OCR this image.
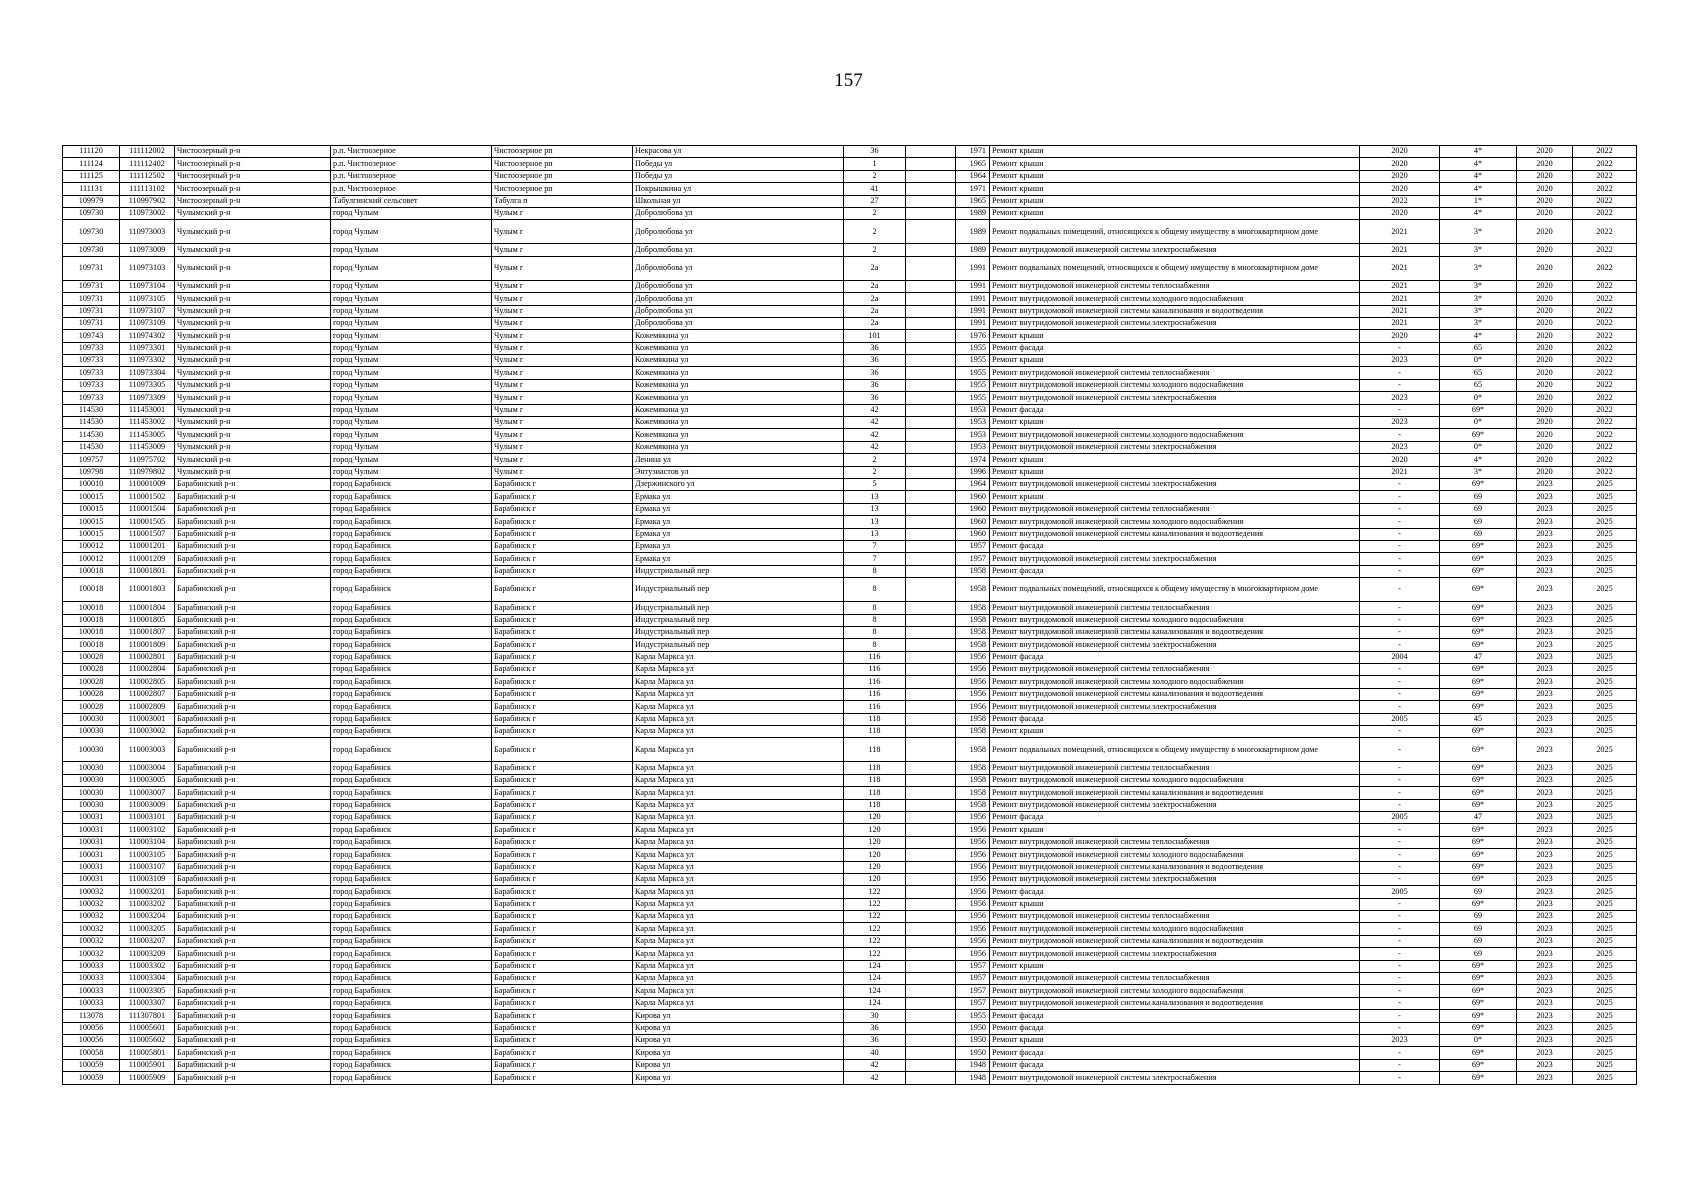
157
111120	111112002	Чистоозерный р-н	р.п. Чистоозерное	Чистоозерное рп	Некрасова ул	36		1971	Ремонт крыши	2020	4*	2020	2022
111124	111112402	Чистоозерный р-н	р.п. Чистоозерное	Чистоозерное рп	Победы ул	1		1965	Ремонт крыши	2020	4*	2020	2022
111125	111112502	Чистоозерный р-н	р.п. Чистоозерное	Чистоозерное рп	Победы ул	2		1964	Ремонт крыши	2020	4*	2020	2022
111131	111113102	Чистоозерный р-н	р.п. Чистоозерное	Чистоозерное рп	Покрышкина ул	41		1971	Ремонт крыши	2020	4*	2020	2022
109979	110997902	Чистоозерный р-н	Табулгинский сельсовет	Табулга п	Школьная ул	27		1965	Ремонт крыши	2022	1*	2020	2022
109730	110973002	Чулымский р-н	город Чулым	Чулым г	Добролюбова ул	2		1989	Ремонт крыши	2020	4*	2020	2022
109730	110973003	Чулымский р-н	город Чулым	Чулым г	Добролюбова ул	2		1989	Ремонт подвальных помещений, относящихся к общему имуществу в многоквартирном доме	2021	3*	2020	2022
109730	110973009	Чулымский р-н	город Чулым	Чулым г	Добролюбова ул	2		1989	Ремонт внутридомовой инженерной системы электроснабжения	2021	3*	2020	2022
109731	110973103	Чулымский р-н	город Чулым	Чулым г	Добролюбова ул	2а		1991	Ремонт подвальных помещений, относящихся к общему имуществу в многоквартирном доме	2021	3*	2020	2022
109731	110973104	Чулымский р-н	город Чулым	Чулым г	Добролюбова ул	2а		1991	Ремонт внутридомовой инженерной системы теплоснабжения	2021	3*	2020	2022
109731	110973105	Чулымский р-н	город Чулым	Чулым г	Добролюбова ул	2а		1991	Ремонт внутридомовой инженерной системы холодного водоснабжения	2021	3*	2020	2022
109731	110973107	Чулымский р-н	город Чулым	Чулым г	Добролюбова ул	2а		1991	Ремонт внутридомовой инженерной системы канализования и водоотведения	2021	3*	2020	2022
109731	110973109	Чулымский р-н	город Чулым	Чулым г	Добролюбова ул	2а		1991	Ремонт внутридомовой инженерной системы электроснабжения	2021	3*	2020	2022
109743	110974302	Чулымский р-н	город Чулым	Чулым г	Кожемякина ул	101		1976	Ремонт крыши	2020	4*	2020	2022
109733	110973301	Чулымский р-н	город Чулым	Чулым г	Кожемякина ул	36		1955	Ремонт фасада	-	65	2020	2022
109733	110973302	Чулымский р-н	город Чулым	Чулым г	Кожемякина ул	36		1955	Ремонт крыши	2023	0*	2020	2022
109733	110973304	Чулымский р-н	город Чулым	Чулым г	Кожемякина ул	36		1955	Ремонт внутридомовой инженерной системы теплоснабжения	-	65	2020	2022
109733	110973305	Чулымский р-н	город Чулым	Чулым г	Кожемякина ул	36		1955	Ремонт внутридомовой инженерной системы холодного водоснабжения	-	65	2020	2022
109733	110973309	Чулымский р-н	город Чулым	Чулым г	Кожемякина ул	36		1955	Ремонт внутридомовой инженерной системы электроснабжения	2023	0*	2020	2022
114530	111453001	Чулымский р-н	город Чулым	Чулым г	Кожемякина ул	42		1953	Ремонт фасада	-	69*	2020	2022
114530	111453002	Чулымский р-н	город Чулым	Чулым г	Кожемякина ул	42		1953	Ремонт крыши	2023	0*	2020	2022
114530	111453005	Чулымский р-н	город Чулым	Чулым г	Кожемякина ул	42		1953	Ремонт внутридомовой инженерной системы холодного водоснабжения	-	69*	2020	2022
114530	111453009	Чулымский р-н	город Чулым	Чулым г	Кожемякина ул	42		1953	Ремонт внутридомовой инженерной системы электроснабжения	2023	0*	2020	2022
109757	110975702	Чулымский р-н	город Чулым	Чулым г	Ленина ул	2		1974	Ремонт крыши	2020	4*	2020	2022
109798	110979802	Чулымский р-н	город Чулым	Чулым г	Энтузиастов ул	2		1996	Ремонт крыши	2021	3*	2020	2022
100010	110001009	Барабинский р-н	город Барабинск	Барабинск г	Дзержинского ул	5		1964	Ремонт внутридомовой инженерной системы электроснабжения	-	69*	2023	2025
100015	110001502	Барабинский р-н	город Барабинск	Барабинск г	Ермака ул	13		1960	Ремонт крыши	-	69	2023	2025
100015	110001504	Барабинский р-н	город Барабинск	Барабинск г	Ермака ул	13		1960	Ремонт внутридомовой инженерной системы теплоснабжения	-	69	2023	2025
100015	110001505	Барабинский р-н	город Барабинск	Барабинск г	Ермака ул	13		1960	Ремонт внутридомовой инженерной системы холодного водоснабжения	-	69	2023	2025
100015	110001507	Барабинский р-н	город Барабинск	Барабинск г	Ермака ул	13		1960	Ремонт внутридомовой инженерной системы канализования и водоотведения	-	69	2023	2025
100012	110001201	Барабинский р-н	город Барабинск	Барабинск г	Ермака ул	7		1957	Ремонт фасада	-	69*	2023	2025
100012	110001209	Барабинский р-н	город Барабинск	Барабинск г	Ермака ул	7		1957	Ремонт внутридомовой инженерной системы электроснабжения	-	69*	2023	2025
100018	110001801	Барабинский р-н	город Барабинск	Барабинск г	Индустриальный пер	8		1958	Ремонт фасада	-	69*	2023	2025
100018	110001803	Барабинский р-н	город Барабинск	Барабинск г	Индустриальный пер	8		1958	Ремонт подвальных помещений, относящихся к общему имуществу в многоквартирном доме	-	69*	2023	2025
100018	110001804	Барабинский р-н	город Барабинск	Барабинск г	Индустриальный пер	8		1958	Ремонт внутридомовой инженерной системы теплоснабжения	-	69*	2023	2025
100018	110001805	Барабинский р-н	город Барабинск	Барабинск г	Индустриальный пер	8		1958	Ремонт внутридомовой инженерной системы холодного водоснабжения	-	69*	2023	2025
100018	110001807	Барабинский р-н	город Барабинск	Барабинск г	Индустриальный пер	8		1958	Ремонт внутридомовой инженерной системы канализования и водоотведения	-	69*	2023	2025
100018	110001809	Барабинский р-н	город Барабинск	Барабинск г	Индустриальный пер	8		1958	Ремонт внутридомовой инженерной системы электроснабжения	-	69*	2023	2025
100028	110002801	Барабинский р-н	город Барабинск	Барабинск г	Карла Маркса ул	116		1956	Ремонт фасада	2004	47	2023	2025
100028	110002804	Барабинский р-н	город Барабинск	Барабинск г	Карла Маркса ул	116		1956	Ремонт внутридомовой инженерной системы теплоснабжения	-	69*	2023	2025
100028	110002805	Барабинский р-н	город Барабинск	Барабинск г	Карла Маркса ул	116		1956	Ремонт внутридомовой инженерной системы холодного водоснабжения	-	69*	2023	2025
100028	110002807	Барабинский р-н	город Барабинск	Барабинск г	Карла Маркса ул	116		1956	Ремонт внутридомовой инженерной системы канализования и водоотведения	-	69*	2023	2025
100028	110002809	Барабинский р-н	город Барабинск	Барабинск г	Карла Маркса ул	116		1956	Ремонт внутридомовой инженерной системы электроснабжения	-	69*	2023	2025
100030	110003001	Барабинский р-н	город Барабинск	Барабинск г	Карла Маркса ул	118		1958	Ремонт фасада	2005	45	2023	2025
100030	110003002	Барабинский р-н	город Барабинск	Барабинск г	Карла Маркса ул	118		1958	Ремонт крыши	-	69*	2023	2025
100030	110003003	Барабинский р-н	город Барабинск	Барабинск г	Карла Маркса ул	118		1958	Ремонт подвальных помещений, относящихся к общему имуществу в многоквартирном доме	-	69*	2023	2025
100030	110003004	Барабинский р-н	город Барабинск	Барабинск г	Карла Маркса ул	118		1958	Ремонт внутридомовой инженерной системы теплоснабжения	-	69*	2023	2025
100030	110003005	Барабинский р-н	город Барабинск	Барабинск г	Карла Маркса ул	118		1958	Ремонт внутридомовой инженерной системы холодного водоснабжения	-	69*	2023	2025
100030	110003007	Барабинский р-н	город Барабинск	Барабинск г	Карла Маркса ул	118		1958	Ремонт внутридомовой инженерной системы канализования и водоотведения	-	69*	2023	2025
100030	110003009	Барабинский р-н	город Барабинск	Барабинск г	Карла Маркса ул	118		1958	Ремонт внутридомовой инженерной системы электроснабжения	-	69*	2023	2025
100031	110003101	Барабинский р-н	город Барабинск	Барабинск г	Карла Маркса ул	120		1956	Ремонт фасада	2005	47	2023	2025
100031	110003102	Барабинский р-н	город Барабинск	Барабинск г	Карла Маркса ул	120		1956	Ремонт крыши	-	69*	2023	2025
100031	110003104	Барабинский р-н	город Барабинск	Барабинск г	Карла Маркса ул	120		1956	Ремонт внутридомовой инженерной системы теплоснабжения	-	69*	2023	2025
100031	110003105	Барабинский р-н	город Барабинск	Барабинск г	Карла Маркса ул	120		1956	Ремонт внутридомовой инженерной системы холодного водоснабжения	-	69*	2023	2025
100031	110003107	Барабинский р-н	город Барабинск	Барабинск г	Карла Маркса ул	120		1956	Ремонт внутридомовой инженерной системы канализования и водоотведения	-	69*	2023	2025
100031	110003109	Барабинский р-н	город Барабинск	Барабинск г	Карла Маркса ул	120		1956	Ремонт внутридомовой инженерной системы электроснабжения	-	69*	2023	2025
100032	110003201	Барабинский р-н	город Барабинск	Барабинск г	Карла Маркса ул	122		1956	Ремонт фасада	2005	69	2023	2025
100032	110003202	Барабинский р-н	город Барабинск	Барабинск г	Карла Маркса ул	122		1956	Ремонт крыши	-	69*	2023	2025
100032	110003204	Барабинский р-н	город Барабинск	Барабинск г	Карла Маркса ул	122		1956	Ремонт внутридомовой инженерной системы теплоснабжения	-	69	2023	2025
100032	110003205	Барабинский р-н	город Барабинск	Барабинск г	Карла Маркса ул	122		1956	Ремонт внутридомовой инженерной системы холодного водоснабжения	-	69	2023	2025
100032	110003207	Барабинский р-н	город Барабинск	Барабинск г	Карла Маркса ул	122		1956	Ремонт внутридомовой инженерной системы канализования и водоотведения	-	69	2023	2025
100032	110003209	Барабинский р-н	город Барабинск	Барабинск г	Карла Маркса ул	122		1956	Ремонт внутридомовой инженерной системы электроснабжения	-	69	2023	2025
100033	110003302	Барабинский р-н	город Барабинск	Барабинск г	Карла Маркса ул	124		1957	Ремонт крыши	-	69*	2023	2025
100033	110003304	Барабинский р-н	город Барабинск	Барабинск г	Карла Маркса ул	124		1957	Ремонт внутридомовой инженерной системы теплоснабжения	-	69*	2023	2025
100033	110003305	Барабинский р-н	город Барабинск	Барабинск г	Карла Маркса ул	124		1957	Ремонт внутридомовой инженерной системы холодного водоснабжения	-	69*	2023	2025
100033	110003307	Барабинский р-н	город Барабинск	Барабинск г	Карла Маркса ул	124		1957	Ремонт внутридомовой инженерной системы канализования и водоотведения	-	69*	2023	2025
113078	111307801	Барабинский р-н	город Барабинск	Барабинск г	Кирова ул	30		1955	Ремонт фасада	-	69*	2023	2025
100056	110005601	Барабинский р-н	город Барабинск	Барабинск г	Кирова ул	36		1950	Ремонт фасада	-	69*	2023	2025
100056	110005602	Барабинский р-н	город Барабинск	Барабинск г	Кирова ул	36		1950	Ремонт крыши	2023	0*	2023	2025
100058	110005801	Барабинский р-н	город Барабинск	Барабинск г	Кирова ул	40		1950	Ремонт фасада	-	69*	2023	2025
100059	110005901	Барабинский р-н	город Барабинск	Барабинск г	Кирова ул	42		1948	Ремонт фасада	-	69*	2023	2025
100059	110005909	Барабинский р-н	город Барабинск	Барабинск г	Кирова ул	42		1948	Ремонт внутридомовой инженерной системы электроснабжения	-	69*	2023	2025
